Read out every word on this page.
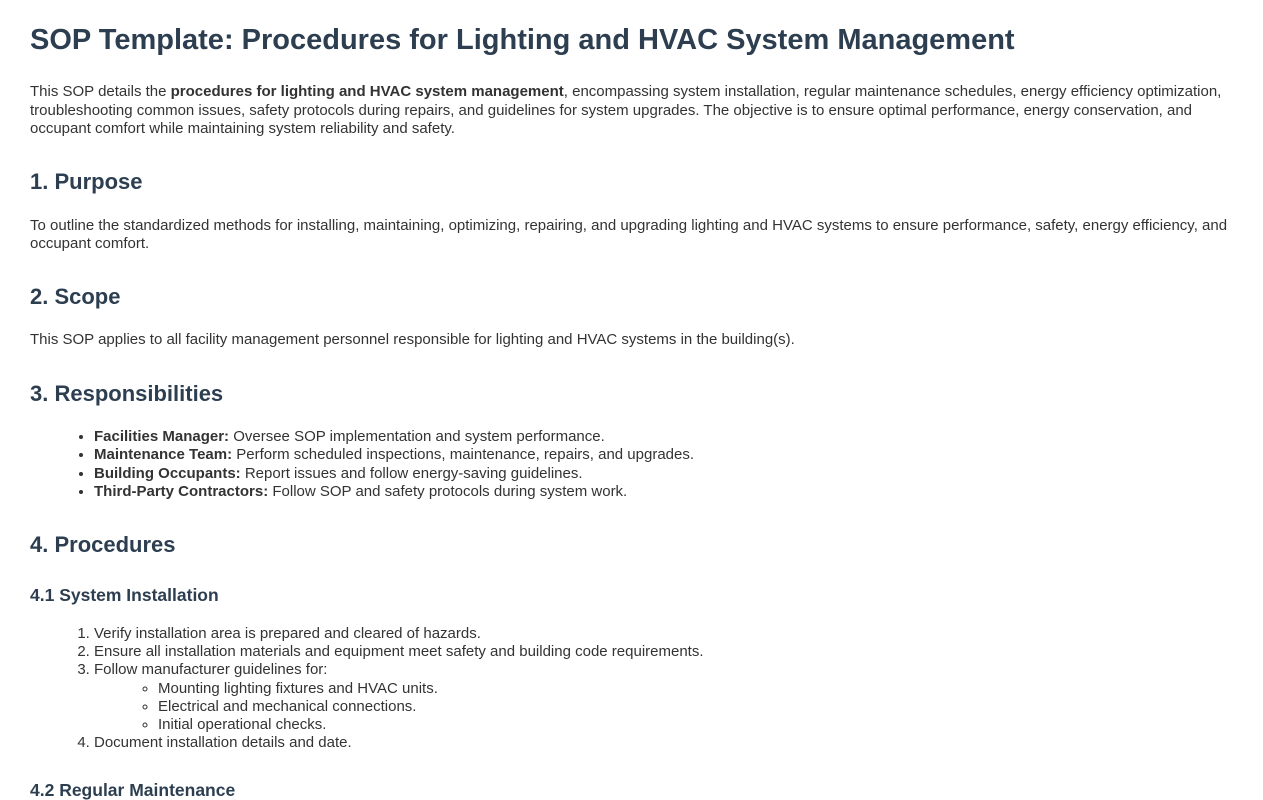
SOP Template: Procedures for Lighting and HVAC System Management

This SOP details the procedures for lighting and HVAC system management, encompassing system installation, regular maintenance schedules, energy efficiency optimization, troubleshooting common issues, safety protocols during repairs, and guidelines for system upgrades. The objective is to ensure optimal performance, energy conservation, and occupant comfort while maintaining system reliability and safety.

1. Purpose

To outline the standardized methods for installing, maintaining, optimizing, repairing, and upgrading lighting and HVAC systems to ensure performance, safety, energy efficiency, and occupant comfort.

2. Scope

This SOP applies to all facility management personnel responsible for lighting and HVAC systems in the building(s).

3. Responsibilities
• Facilities Manager: Oversee SOP implementation and system performance.
• Maintenance Team: Perform scheduled inspections, maintenance, repairs, and upgrades.
• Building Occupants: Report issues and follow energy-saving guidelines.
• Third-Party Contractors: Follow SOP and safety protocols during system work.
4. Procedures
4.1 System Installation
1. Verify installation area is prepared and cleared of hazards.
2. Ensure all installation materials and equipment meet safety and building code requirements.
3. Follow manufacturer guidelines for:
◦ Mounting lighting fixtures and HVAC units.
◦ Electrical and mechanical connections.
◦ Initial operational checks.
4. Document installation details and date.
4.2 Regular Maintenance
